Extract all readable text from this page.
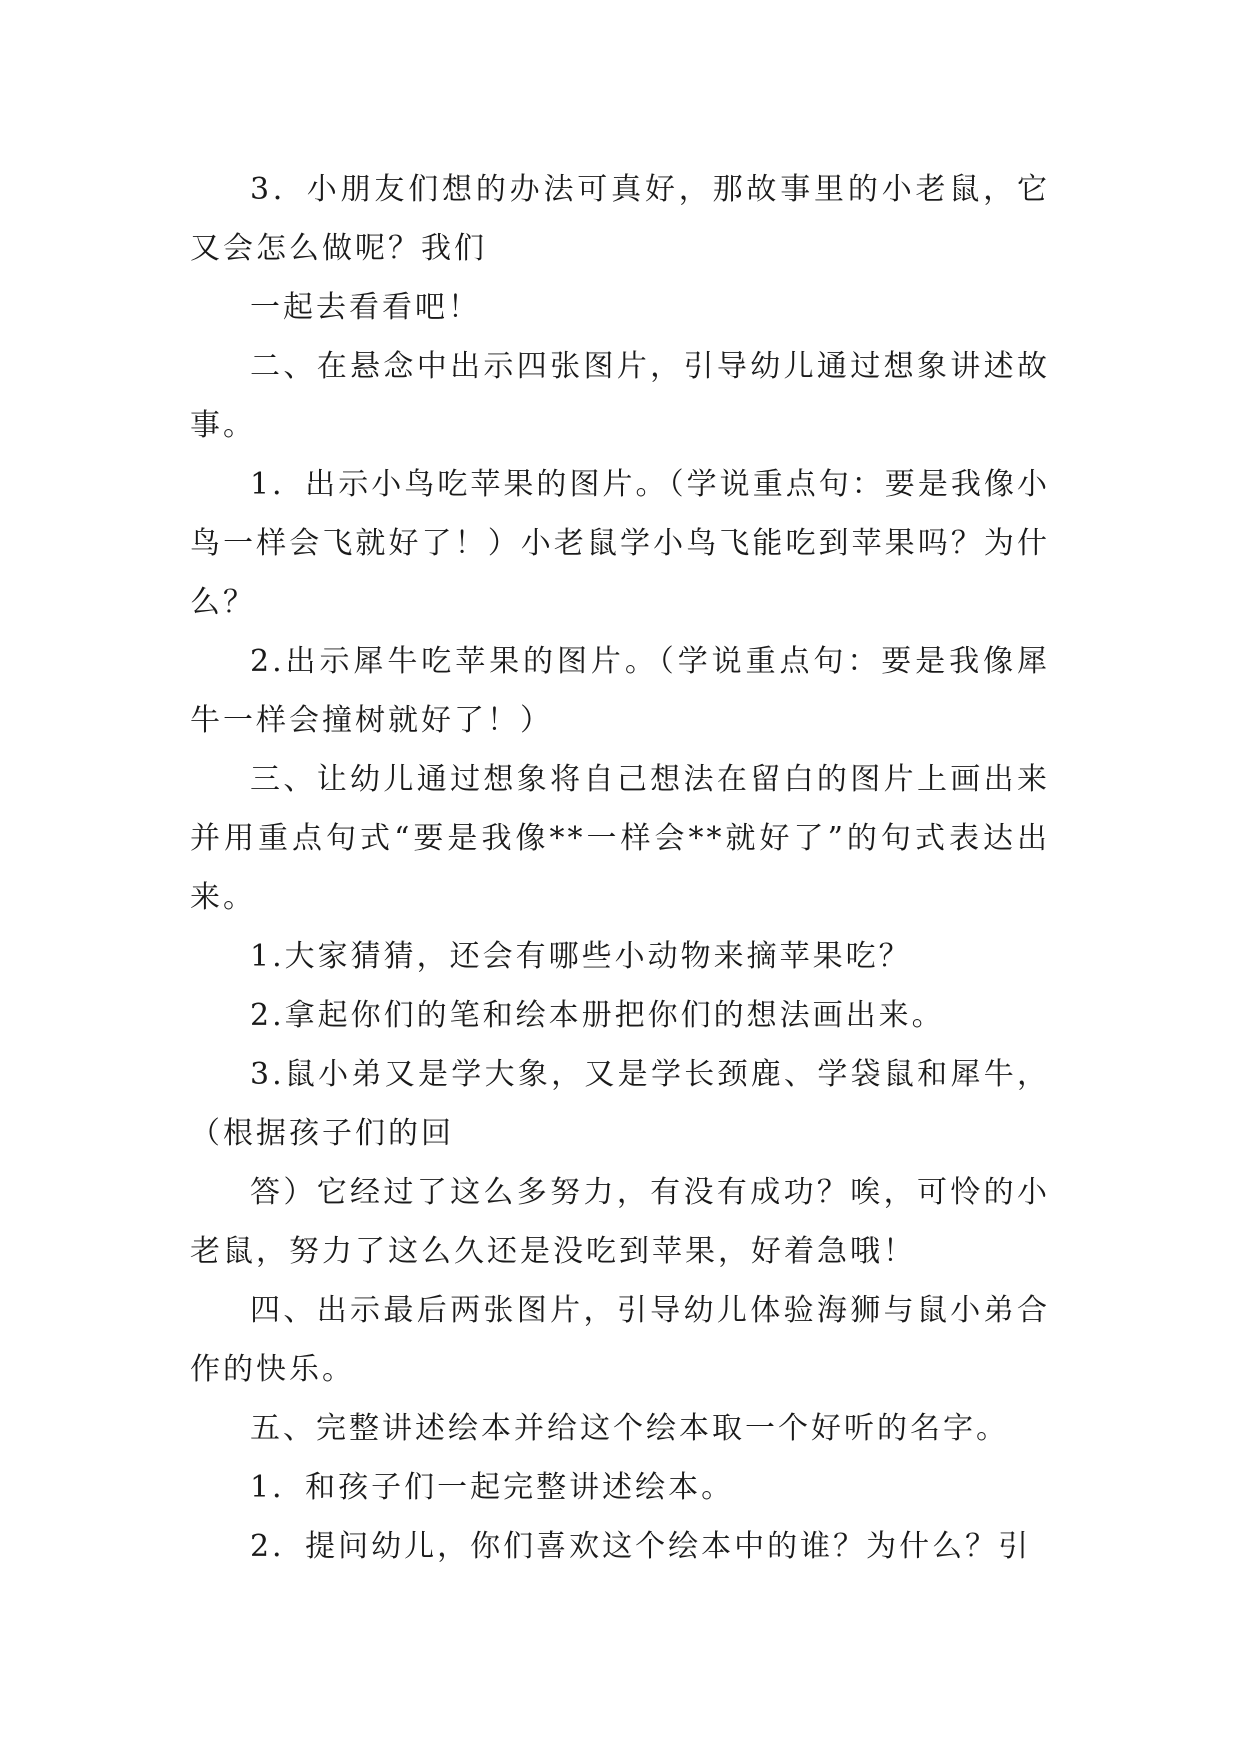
3．小朋友们想的办法可真好，那故事里的小老鼠，它又会怎么做呢？我们

一起去看看吧！

二、在悬念中出示四张图片，引导幼儿通过想象讲述故事。

1．出示小鸟吃苹果的图片。（学说重点句：要是我像小鸟一样会飞就好了！）小老鼠学小鸟飞能吃到苹果吗？为什么？

2.出示犀牛吃苹果的图片。（学说重点句：要是我像犀牛一样会撞树就好了！）

三、让幼儿通过想象将自己想法在留白的图片上画出来并用重点句式“要是我像**一样会**就好了”的句式表达出来。

1.大家猜猜，还会有哪些小动物来摘苹果吃？

2.拿起你们的笔和绘本册把你们的想法画出来。

3.鼠小弟又是学大象，又是学长颈鹿、学袋鼠和犀牛，（根据孩子们的回

答）它经过了这么多努力，有没有成功？唉，可怜的小老鼠，努力了这么久还是没吃到苹果，好着急哦！

四、出示最后两张图片，引导幼儿体验海狮与鼠小弟合作的快乐。

五、完整讲述绘本并给这个绘本取一个好听的名字。

1．和孩子们一起完整讲述绘本。

2．提问幼儿，你们喜欢这个绘本中的谁？为什么？引
